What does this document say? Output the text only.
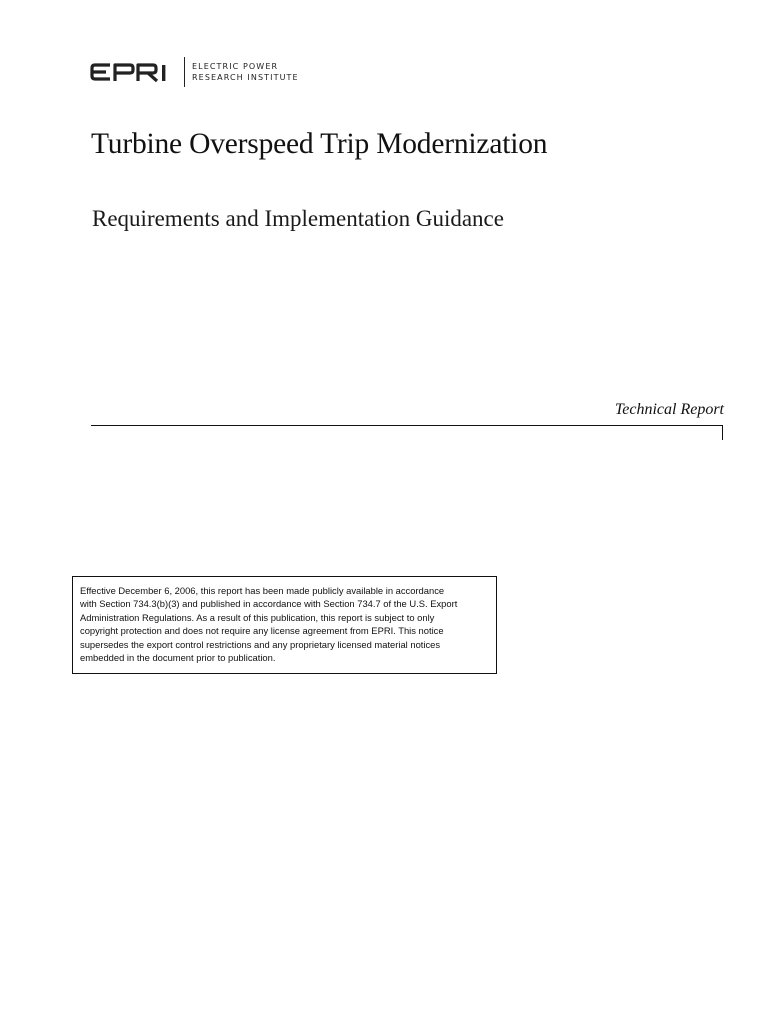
ELECTRIC POWER
RESEARCH INSTITUTE
Turbine Overspeed Trip Modernization
Requirements and Implementation Guidance
Technical Report

Effective December 6, 2006, this report has been made publicly available in accordance

with Section 734.3(b)(3) and published in accordance with Section 734.7 of the U.S. Export

Administration Regulations. As a result of this publication, this report is subject to only

copyright protection and does not require any license agreement from EPRI. This notice

supersedes the export control restrictions and any proprietary licensed material notices

embedded in the document prior to publication.
